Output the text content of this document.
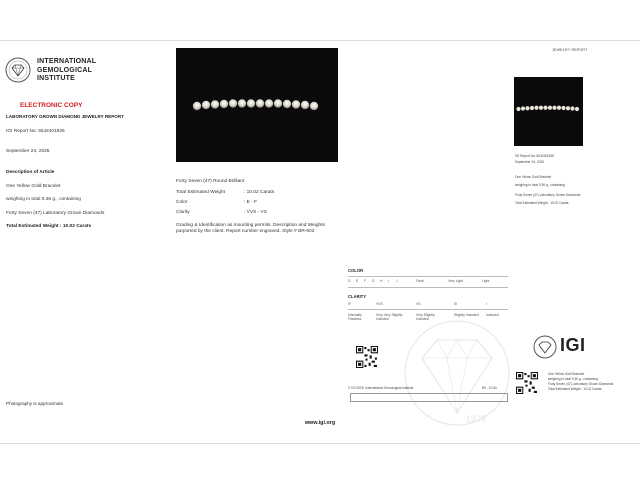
INTERNATIONAL
GEMOLOGICAL
INSTITUTE
ELECTRONIC COPY
LABORATORY GROWN DIAMOND JEWELRY REPORT
IGI Report No: 65J2401825
September 24, 2025
Description of Article
One Yellow Gold Bracelet
weighing in total 9.36 g., containing
Forty Seven (47) Laboratory Grown Diamonds
Total Estimated Weight : 10.02 Carats
Forty Seven (47) Round Brilliant
Total Estimated Weight	: 10.02 Carats
Color	: E - F
Clarity	: VVS - VS
Grading & Identification as mounting permits. Description and Weights purported by the client. Report number engraved. Style # BR-602
JEWELRY REPORT
IGI Report No: 65J2401825
September 24, 2025
One Yellow Gold Bracelet
weighing in total 9.36 g., containing
Forty Seven (47) Laboratory Grown Diamonds
Total Estimated Weight : 10.02 Carats
COLOR
D E F G H I J	Faint	Very Light	Light
CLARITY
IF	VVS	VS	SI	I
Internally Flawless
Very Very Slightly Included
Very Slightly Included
Slightly Included	Included
1975
IGI
One Yellow Gold Bracelet
weighing in total 9.36 g., containing
Forty Seven (47) Laboratory Grown Diamonds
Total Estimated Weight : 10.02 Carats
© IGI 2025, International Gemological Institute	R0 - 10.00
Photography is approximate
www.igi.org
